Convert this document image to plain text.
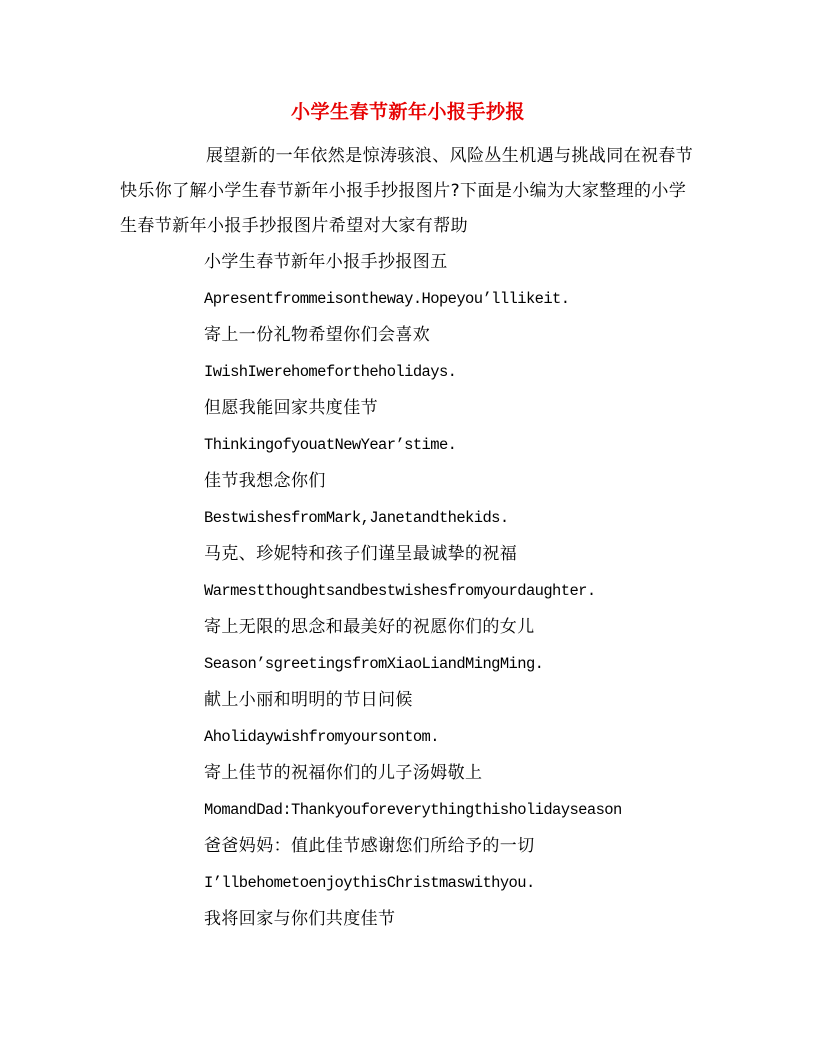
小学生春节新年小报手抄报

展望新的一年依然是惊涛骇浪、风险丛生机遇与挑战同在祝春节快乐你了解小学生春节新年小报手抄报图片?下面是小编为大家整理的小学生春节新年小报手抄报图片希望对大家有帮助

小学生春节新年小报手抄报图五
Apresentfrommeisontheway.Hopeyou’lllikeit.
寄上一份礼物希望你们会喜欢
IwishIwerehomefortheholidays.
但愿我能回家共度佳节
ThinkingofyouatNewYear’stime.
佳节我想念你们
BestwishesfromMark,Janetandthekids.
马克、珍妮特和孩子们谨呈最诚挚的祝福
Warmestthoughtsandbestwishesfromyourdaughter.
寄上无限的思念和最美好的祝愿你们的女儿
Season’sgreetingsfromXiaoLiandMingMing.
献上小丽和明明的节日问候
Aholidaywishfromyoursontom.
寄上佳节的祝福你们的儿子汤姆敬上
MomandDad:Thankyouforeverythingthisholidayseason
爸爸妈妈：值此佳节感谢您们所给予的一切
I’llbehometoenjoythisChristmaswithyou.
我将回家与你们共度佳节
